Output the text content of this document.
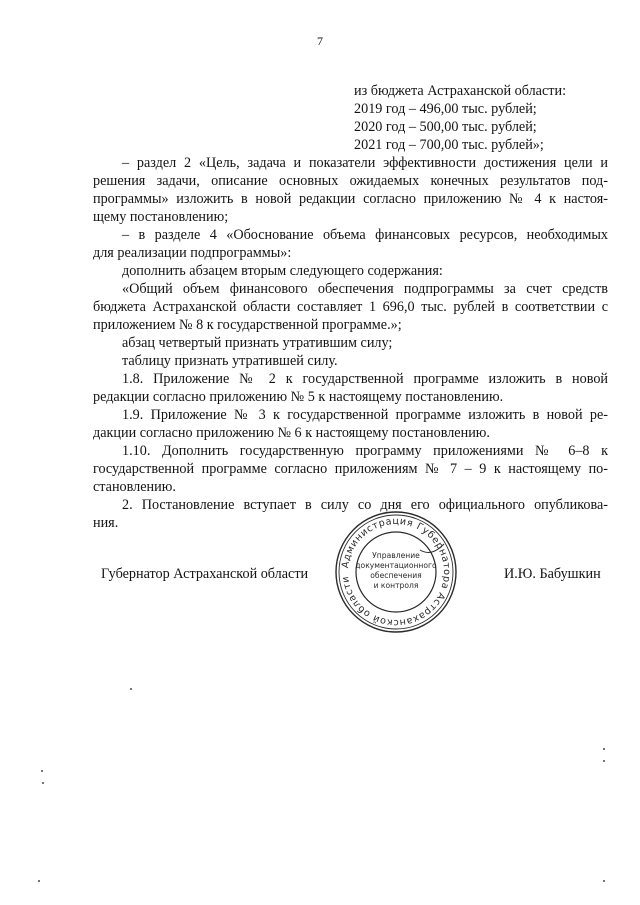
7
из бюджета Астраханской области:
2019 год – 496,00 тыс. рублей;
2020 год – 500,00 тыс. рублей;
2021 год – 700,00 тыс. рублей»;
– раздел 2 «Цель, задача и показатели эффективности достижения цели и
решения задачи, описание основных ожидаемых конечных результатов под-
программы» изложить в новой редакции согласно приложению № 4 к настоя-
щему постановлению;
– в разделе 4 «Обоснование объема финансовых ресурсов, необходимых
для реализации подпрограммы»:
дополнить абзацем вторым следующего содержания:
«Общий объем финансового обеспечения подпрограммы за счет средств
бюджета Астраханской области составляет 1 696,0 тыс. рублей в соответствии с
приложением № 8 к государственной программе.»;
абзац четвертый признать утратившим силу;
таблицу признать утратившей силу.
1.8. Приложение № 2 к государственной программе изложить в новой
редакции согласно приложению № 5 к настоящему постановлению.
1.9. Приложение № 3 к государственной программе изложить в новой ре-
дакции согласно приложению № 6 к настоящему постановлению.
1.10. Дополнить государственную программу приложениями № 6–8 к
государственной программе согласно приложениям № 7 – 9 к настоящему по-
становлению.
2. Постановление вступает в силу со дня его официального опубликова-
ния.
Губернатор Астраханской области	И.Ю. Бабушкин
Администрация Губернатора Астраханской области
Управление
документационного
обеспечения
и контроля
